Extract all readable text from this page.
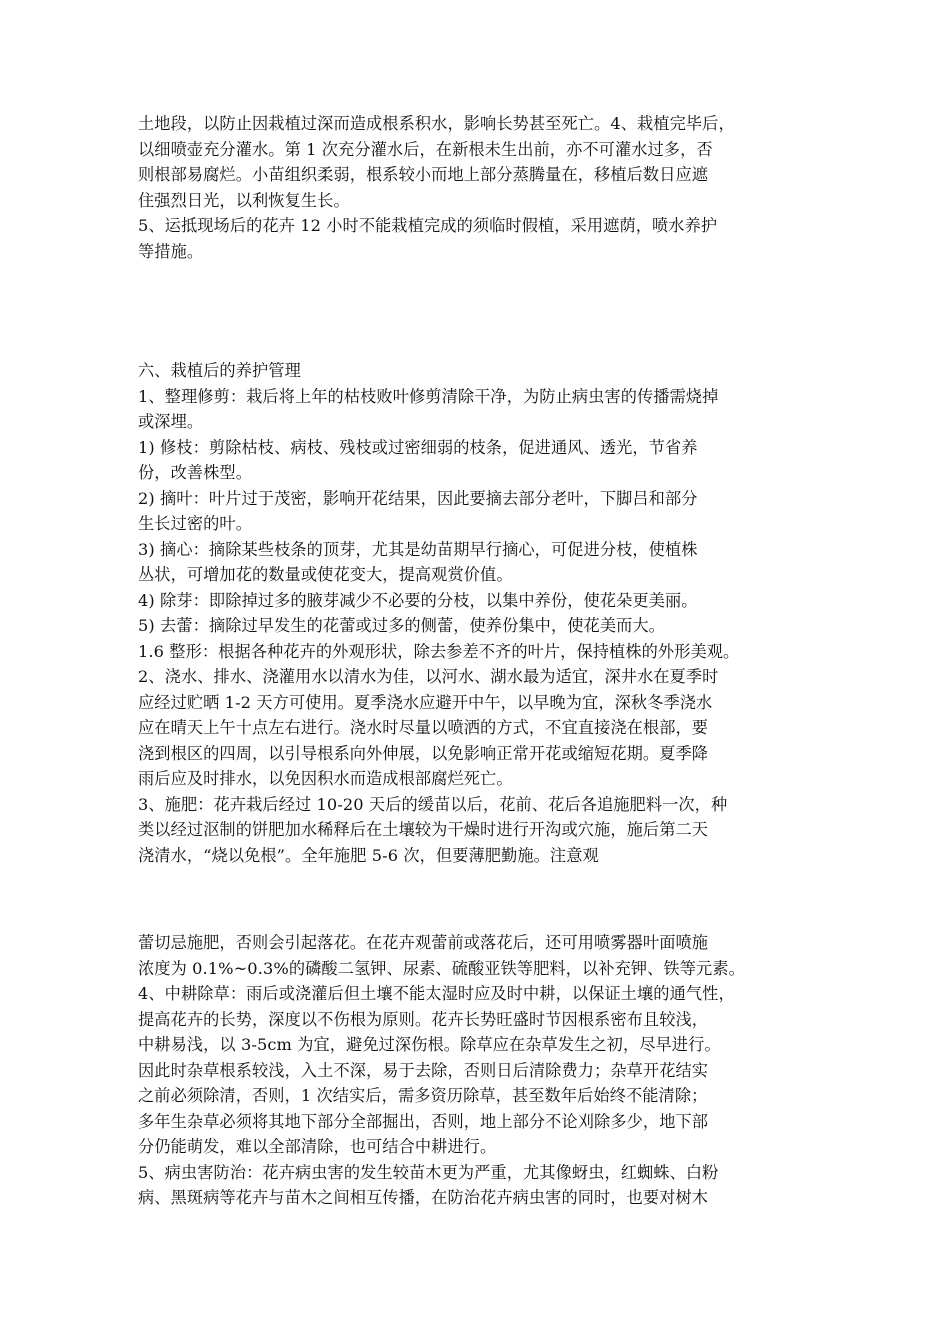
土地段，以防止因栽植过深而造成根系积水，影响长势甚至死亡。4、栽植完毕后，
以细喷壶充分灌水。第 1 次充分灌水后，在新根未生出前，亦不可灌水过多，否
则根部易腐烂。小苗组织柔弱，根系较小而地上部分蒸腾量在，移植后数日应遮
住强烈日光，以利恢复生长。
5、运抵现场后的花卉 12 小时不能栽植完成的须临时假植，采用遮荫，喷水养护
等措施。
六、栽植后的养护管理
1、整理修剪：栽后将上年的枯枝败叶修剪清除干净，为防止病虫害的传播需烧掉
或深埋。
1) 修枝：剪除枯枝、病枝、残枝或过密细弱的枝条，促进通风、透光，节省养
份，改善株型。
2) 摘叶：叶片过于茂密，影响开花结果，因此要摘去部分老叶，下脚吕和部分
生长过密的叶。
3) 摘心：摘除某些枝条的顶芽，尤其是幼苗期早行摘心，可促进分枝，使植株
丛状，可增加花的数量或使花变大，提高观赏价值。
4) 除芽：即除掉过多的腋芽减少不必要的分枝，以集中养份，使花朵更美丽。
5) 去蕾：摘除过早发生的花蕾或过多的侧蕾，使养份集中，使花美而大。
1.6 整形：根据各种花卉的外观形状，除去参差不齐的叶片，保持植株的外形美观。
2、浇水、排水、浇灌用水以清水为佳，以河水、湖水最为适宜，深井水在夏季时
应经过贮晒 1-2 天方可使用。夏季浇水应避开中午，以早晚为宜，深秋冬季浇水
应在晴天上午十点左右进行。浇水时尽量以喷洒的方式，不宜直接浇在根部，要
浇到根区的四周，以引导根系向外伸展，以免影响正常开花或缩短花期。夏季降
雨后应及时排水，以免因积水而造成根部腐烂死亡。
3、施肥：花卉栽后经过 10-20 天后的缓苗以后，花前、花后各追施肥料一次，种
类以经过沤制的饼肥加水稀释后在土壤较为干燥时进行开沟或穴施，施后第二天
浇清水，“烧以免根”。全年施肥 5-6 次，但要薄肥勤施。注意观
蕾切忌施肥，否则会引起落花。在花卉观蕾前或落花后，还可用喷雾器叶面喷施
浓度为 0.1%~0.3%的磷酸二氢钾、尿素、硫酸亚铁等肥料，以补充钾、铁等元素。
4、中耕除草：雨后或浇灌后但土壤不能太湿时应及时中耕，以保证土壤的通气性，
提高花卉的长势，深度以不伤根为原则。花卉长势旺盛时节因根系密布且较浅，
中耕易浅，以 3-5cm 为宜，避免过深伤根。除草应在杂草发生之初，尽早进行。
因此时杂草根系较浅，入土不深，易于去除，否则日后清除费力；杂草开花结实
之前必须除清，否则，1 次结实后，需多资历除草，甚至数年后始终不能清除；
多年生杂草必须将其地下部分全部掘出，否则，地上部分不论刈除多少，地下部
分仍能萌发，难以全部清除，也可结合中耕进行。
5、病虫害防治：花卉病虫害的发生较苗木更为严重，尤其像蚜虫，红蜘蛛、白粉
病、黑斑病等花卉与苗木之间相互传播，在防治花卉病虫害的同时，也要对树木
